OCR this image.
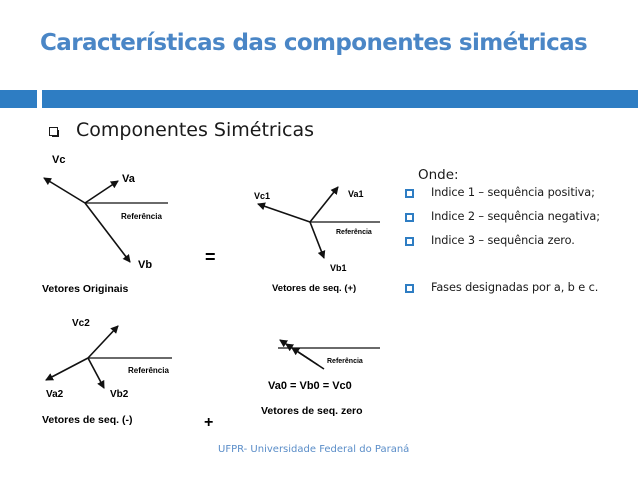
Características das componentes simétricas
Componentes Simétricas
Onde:
Indice 1 – sequência positiva;
Indice 2 – sequência negativa;
Indice 3 – sequência zero.
Fases designadas por a, b e c.
Vc
Va
Vb
Referência
Vetores Originais
=
Vc1	Va1
Vb1
Referência
Vetores de seq. (+)
Vc2
Va2	Vb2
Referência
Vetores de seq. (-)	+
Referência
Va0 = Vb0 = Vc0
Vetores de seq. zero
UFPR- Universidade Federal do Paraná
